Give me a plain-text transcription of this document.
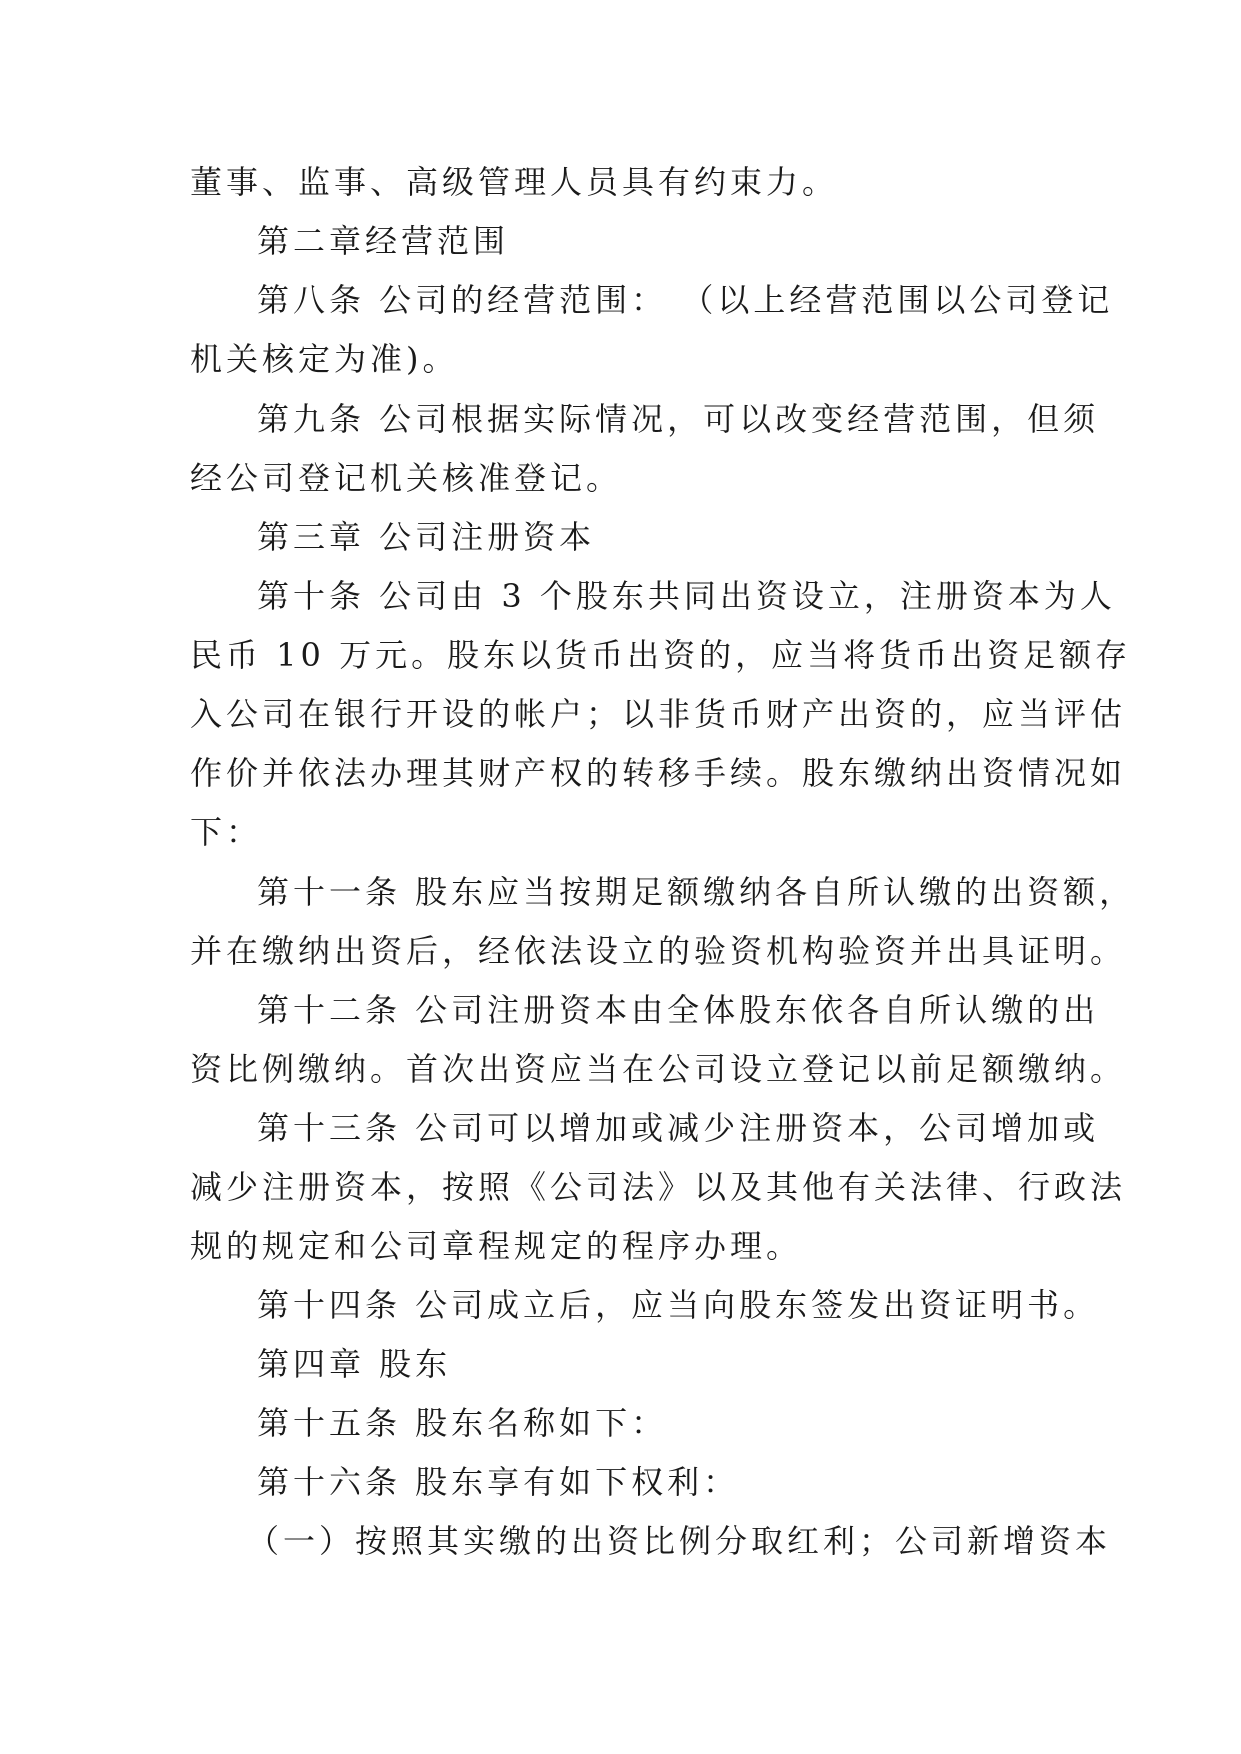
董事、监事、高级管理人员具有约束力。
第二章经营范围
第八条 公司的经营范围： （以上经营范围以公司登记
机关核定为准)。
第九条 公司根据实际情况，可以改变经营范围，但须
经公司登记机关核准登记。
第三章 公司注册资本
第十条 公司由 3 个股东共同出资设立，注册资本为人
民币 10 万元。股东以货币出资的，应当将货币出资足额存
入公司在银行开设的帐户；以非货币财产出资的，应当评估
作价并依法办理其财产权的转移手续。股东缴纳出资情况如
下：
第十一条 股东应当按期足额缴纳各自所认缴的出资额，
并在缴纳出资后，经依法设立的验资机构验资并出具证明。
第十二条 公司注册资本由全体股东依各自所认缴的出
资比例缴纳。首次出资应当在公司设立登记以前足额缴纳。
第十三条 公司可以增加或减少注册资本，公司增加或
减少注册资本，按照《公司法》以及其他有关法律、行政法
规的规定和公司章程规定的程序办理。
第十四条 公司成立后，应当向股东签发出资证明书。
第四章 股东
第十五条 股东名称如下：
第十六条 股东享有如下权利：
（一）按照其实缴的出资比例分取红利；公司新增资本
